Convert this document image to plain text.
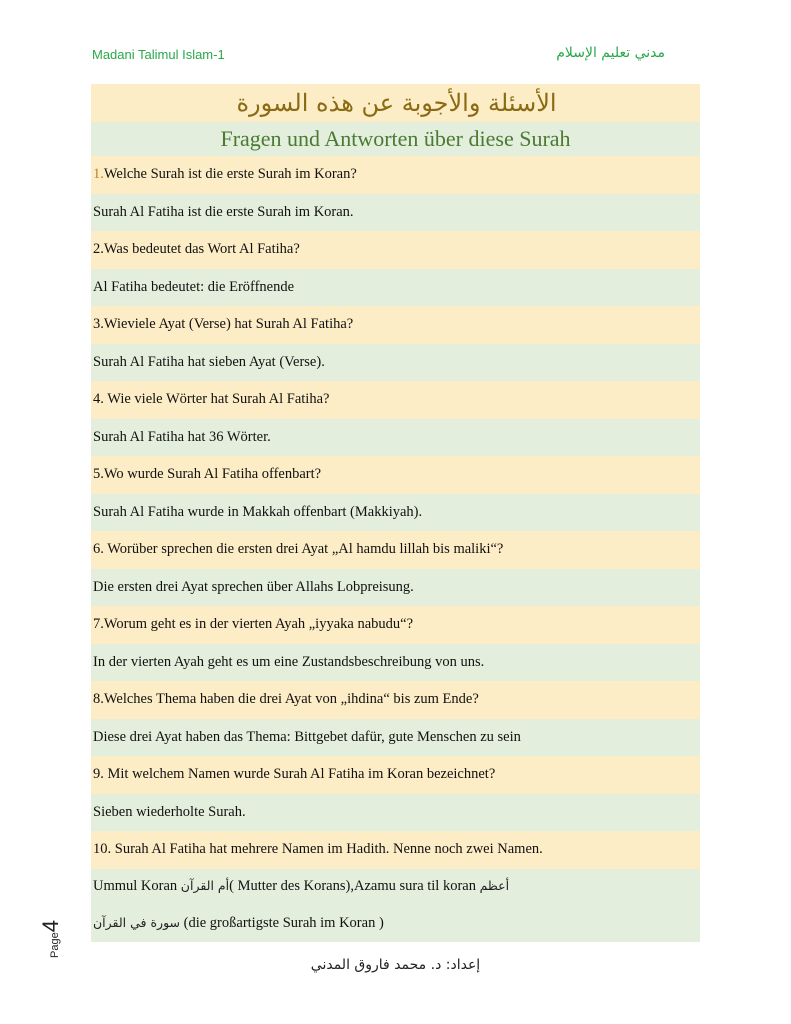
Madani Talimul Islam-1	مدني تعليم الإسلام
الأسئلة والأجوبة عن هذه السورة
Fragen und Antworten über diese Surah
1. Welche Surah ist die erste Surah im Koran?
Surah Al Fatiha ist die erste Surah im Koran.
2.Was bedeutet das Wort Al Fatiha?
Al Fatiha bedeutet: die Eröffnende
3.Wieviele Ayat (Verse) hat Surah Al Fatiha?
Surah Al Fatiha hat sieben Ayat (Verse).
4. Wie viele Wörter hat Surah Al Fatiha?
Surah Al Fatiha hat 36 Wörter.
5.Wo wurde Surah Al Fatiha offenbart?
Surah Al Fatiha wurde in Makkah offenbart (Makkiyah).
6. Worüber sprechen die ersten drei Ayat „Al hamdu lillah bis maliki“?
Die ersten drei Ayat sprechen über Allahs Lobpreisung.
7.Worum geht es in der vierten Ayah „iyyaka nabudu“?
In der vierten Ayah geht es um eine Zustandsbeschreibung von uns.
8.Welches Thema haben die drei Ayat von „ihdina“ bis zum Ende?
Diese drei Ayat haben das Thema: Bittgebet dafür, gute Menschen zu sein
9. Mit welchem Namen wurde Surah Al Fatiha im Koran bezeichnet?
Sieben wiederholte Surah.
10. Surah Al Fatiha hat mehrere Namen im Hadith. Nenne noch zwei Namen.
Ummul Koran أم القرآن( Mutter des Korans),Azamu sura til koran أعظم
سورة في القرآن (die großartigste Surah im Koran )
Page4
إعداد: د. محمد فاروق المدني
